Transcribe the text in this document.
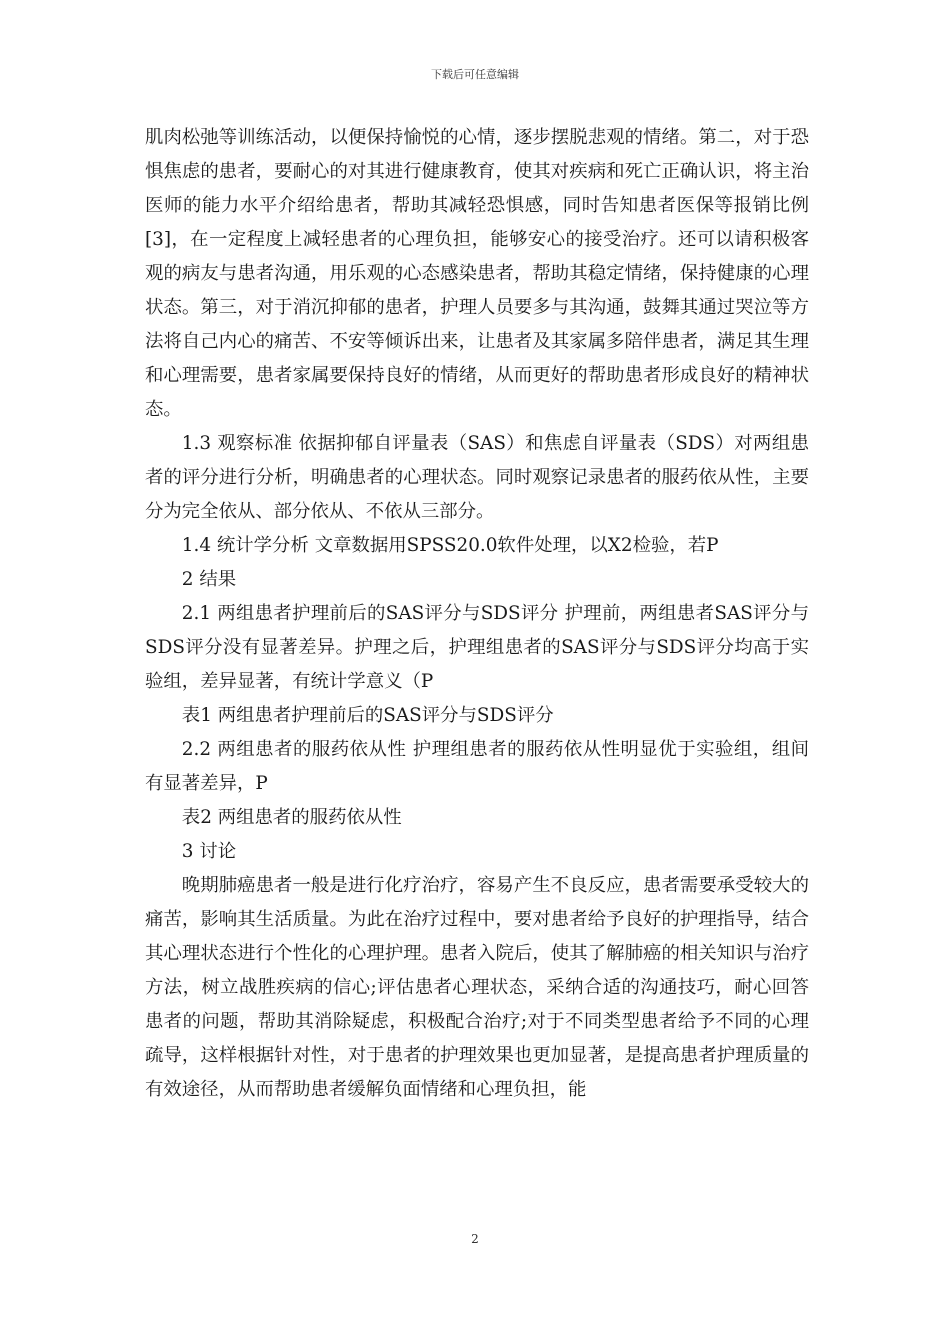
下载后可任意编辑

肌肉松弛等训练活动，以便保持愉悦的心情，逐步摆脱悲观的情绪。第二，对于恐惧焦虑的患者，要耐心的对其进行健康教育，使其对疾病和死亡正确认识，将主治医师的能力水平介绍给患者，帮助其减轻恐惧感，同时告知患者医保等报销比例[3]，在一定程度上减轻患者的心理负担，能够安心的接受治疗。还可以请积极客观的病友与患者沟通，用乐观的心态感染患者，帮助其稳定情绪，保持健康的心理状态。第三，对于消沉抑郁的患者，护理人员要多与其沟通，鼓舞其通过哭泣等方法将自己内心的痛苦、不安等倾诉出来，让患者及其家属多陪伴患者，满足其生理和心理需要，患者家属要保持良好的情绪，从而更好的帮助患者形成良好的精神状态。

1.3 观察标准 依据抑郁自评量表（SAS）和焦虑自评量表（SDS）对两组患者的评分进行分析，明确患者的心理状态。同时观察记录患者的服药依从性，主要分为完全依从、部分依从、不依从三部分。

1.4 统计学分析 文章数据用SPSS20.0软件处理，以X2检验，若P

2 结果

2.1 两组患者护理前后的SAS评分与SDS评分 护理前，两组患者SAS评分与SDS评分没有显著差异。护理之后，护理组患者的SAS评分与SDS评分均高于实验组，差异显著，有统计学意义（P

表1 两组患者护理前后的SAS评分与SDS评分

2.2 两组患者的服药依从性 护理组患者的服药依从性明显优于实验组，组间有显著差异，P

表2 两组患者的服药依从性

3 讨论

晚期肺癌患者一般是进行化疗治疗，容易产生不良反应，患者需要承受较大的痛苦，影响其生活质量。为此在治疗过程中，要对患者给予良好的护理指导，结合其心理状态进行个性化的心理护理。患者入院后，使其了解肺癌的相关知识与治疗方法，树立战胜疾病的信心;评估患者心理状态，采纳合适的沟通技巧，耐心回答患者的问题，帮助其消除疑虑，积极配合治疗;对于不同类型患者给予不同的心理疏导，这样根据针对性，对于患者的护理效果也更加显著，是提高患者护理质量的有效途径，从而帮助患者缓解负面情绪和心理负担，能

2
